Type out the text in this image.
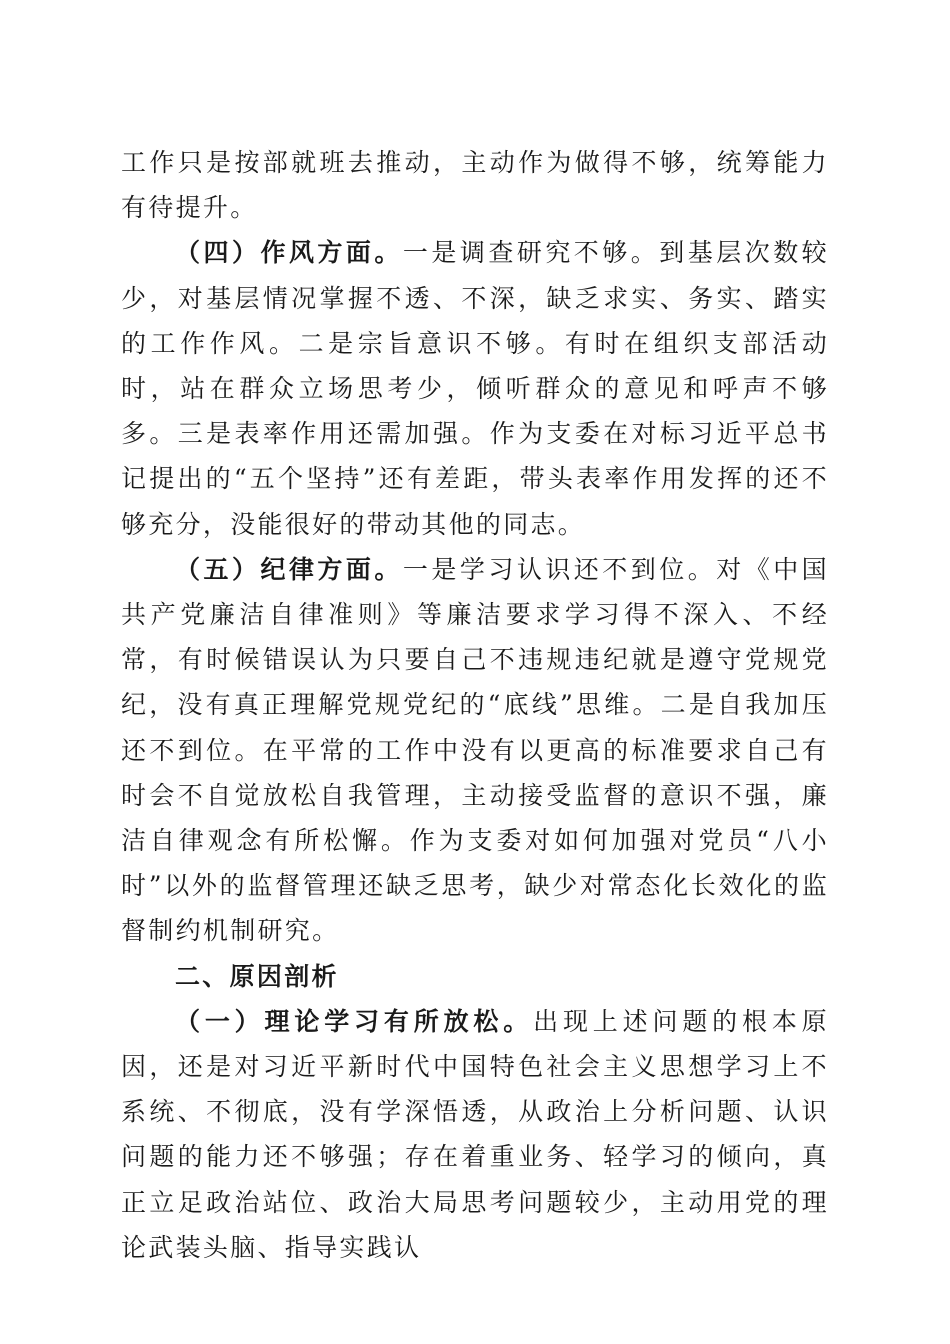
工作只是按部就班去推动，主动作为做得不够，统筹能力有待提升。

（四）作风方面。一是调查研究不够。到基层次数较少，对基层情况掌握不透、不深，缺乏求实、务实、踏实的工作作风。二是宗旨意识不够。有时在组织支部活动时，站在群众立场思考少，倾听群众的意见和呼声不够多。三是表率作用还需加强。作为支委在对标习近平总书记提出的“五个坚持”还有差距，带头表率作用发挥的还不够充分，没能很好的带动其他的同志。

（五）纪律方面。一是学习认识还不到位。对《中国共产党廉洁自律准则》等廉洁要求学习得不深入、不经常，有时候错误认为只要自己不违规违纪就是遵守党规党纪，没有真正理解党规党纪的“底线”思维。二是自我加压还不到位。在平常的工作中没有以更高的标准要求自己有时会不自觉放松自我管理，主动接受监督的意识不强，廉洁自律观念有所松懈。作为支委对如何加强对党员“八小时”以外的监督管理还缺乏思考，缺少对常态化长效化的监督制约机制研究。

二、原因剖析

（一）理论学习有所放松。出现上述问题的根本原因，还是对习近平新时代中国特色社会主义思想学习上不系统、不彻底，没有学深悟透，从政治上分析问题、认识问题的能力还不够强；存在着重业务、轻学习的倾向，真正立足政治站位、政治大局思考问题较少，主动用党的理论武装头脑、指导实践认
